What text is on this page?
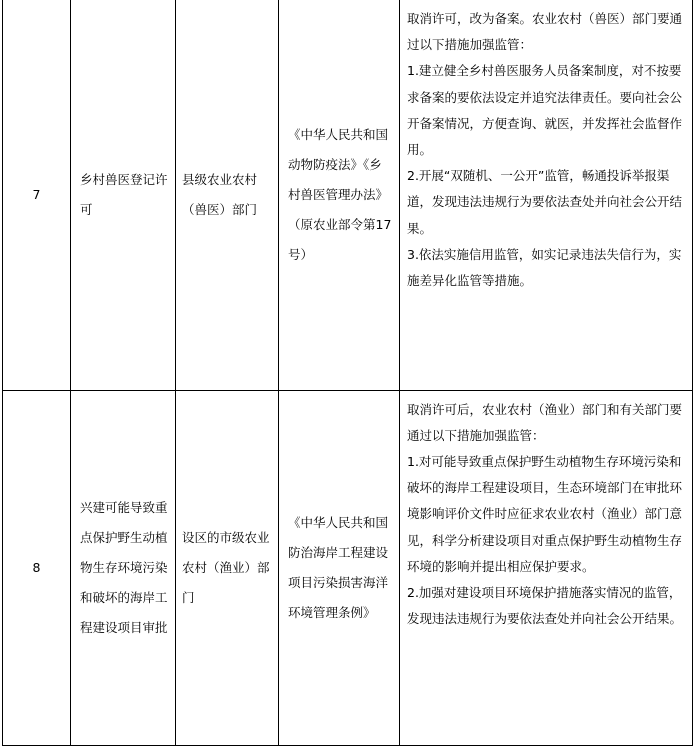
7	乡村兽医登记许可	县级农业农村（兽医）部门	《中华人民共和国动物防疫法》《乡村兽医管理办法》（原农业部令第17号）	取消许可，改为备案。农业农村（兽医）部门要通过以下措施加强监管：

1.建立健全乡村兽医服务人员备案制度，对不按要求备案的要依法设定并追究法律责任。要向社会公开备案情况，方便查询、就医，并发挥社会监督作用。

2.开展“双随机、一公开”监管，畅通投诉举报渠道，发现违法违规行为要依法查处并向社会公开结果。

3.依法实施信用监管，如实记录违法失信行为，实施差异化监管等措施。

8	兴建可能导致重点保护野生动植物生存环境污染和破坏的海岸工程建设项目审批	设区的市级农业农村（渔业）部门	《中华人民共和国防治海岸工程建设项目污染损害海洋环境管理条例》	取消许可后，农业农村（渔业）部门和有关部门要通过以下措施加强监管：

1.对可能导致重点保护野生动植物生存环境污染和破坏的海岸工程建设项目，生态环境部门在审批环境影响评价文件时应征求农业农村（渔业）部门意见，科学分析建设项目对重点保护野生动植物生存环境的影响并提出相应保护要求。

2.加强对建设项目环境保护措施落实情况的监管，发现违法违规行为要依法查处并向社会公开结果。
